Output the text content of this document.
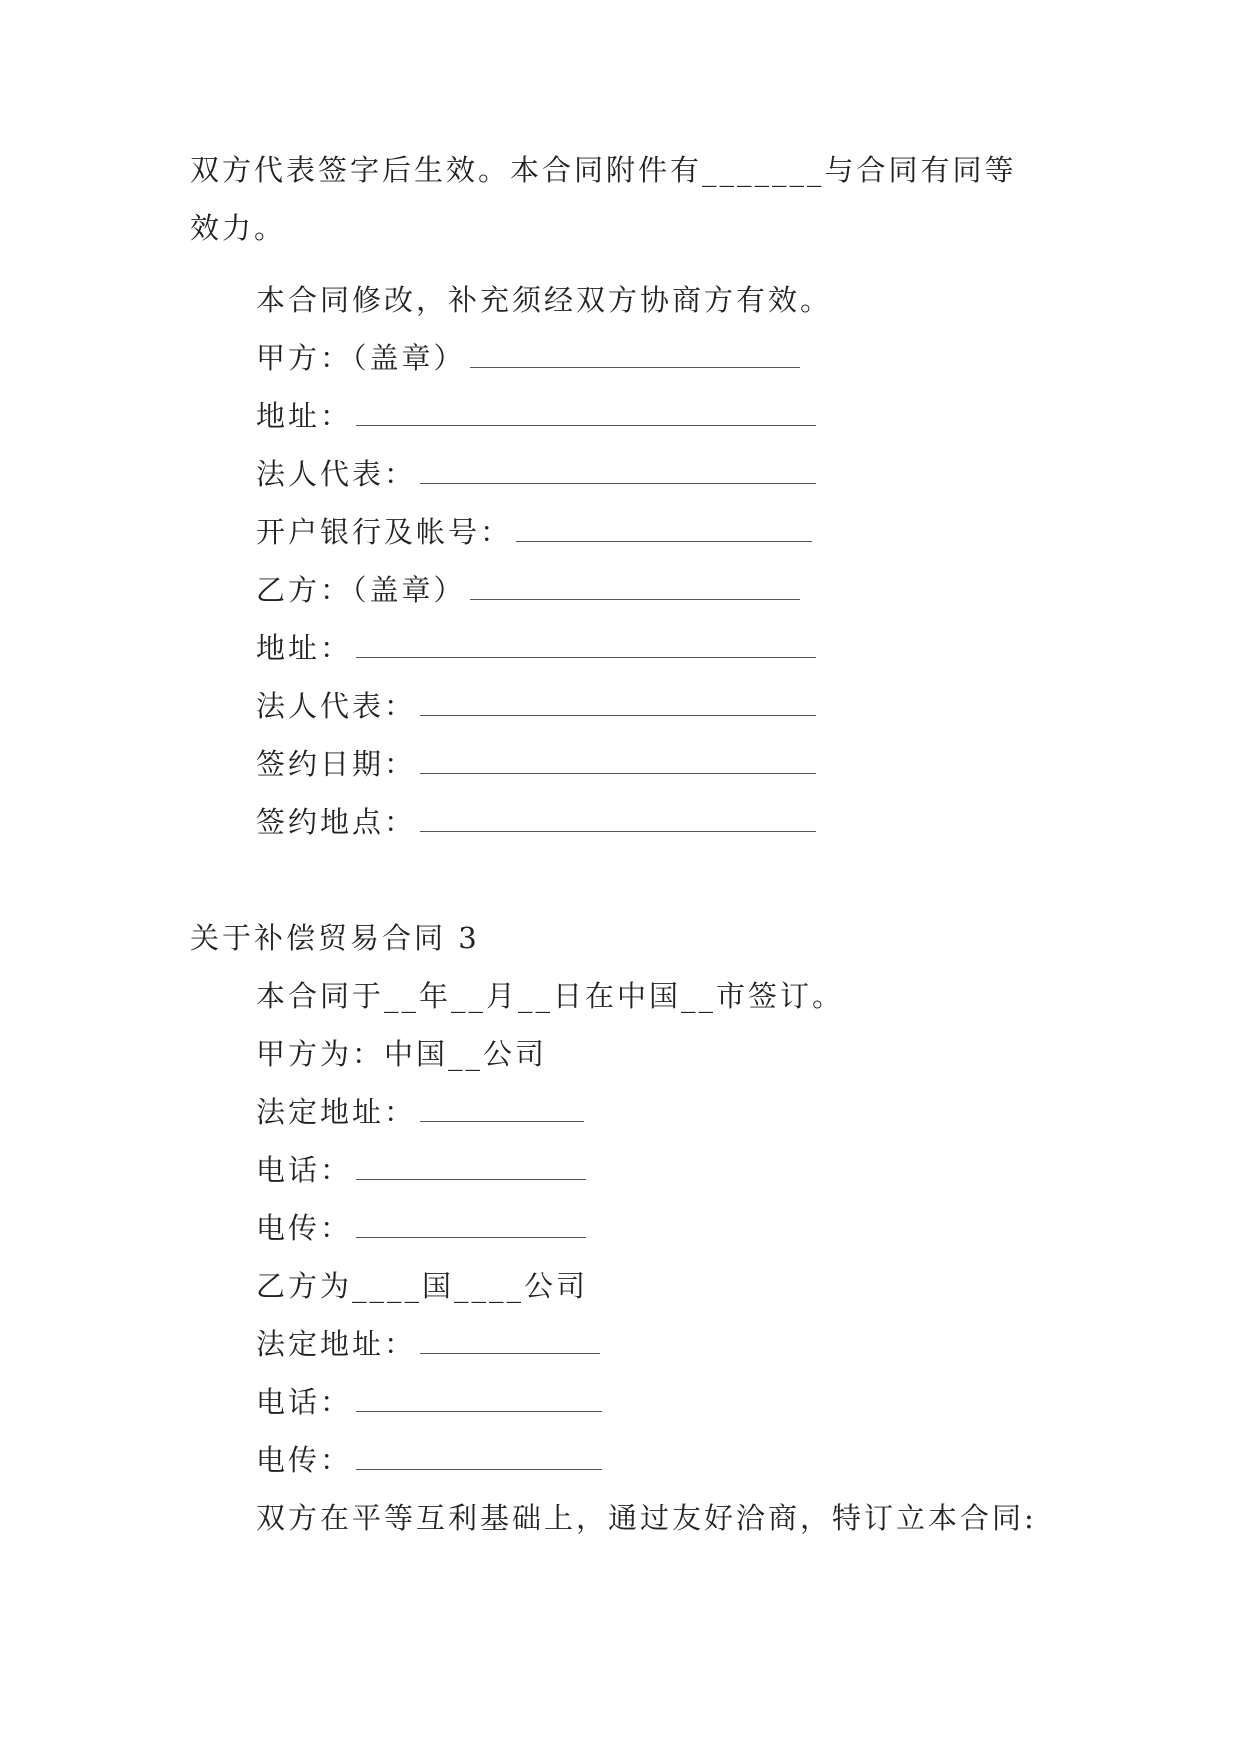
双方代表签字后生效。本合同附件有_______与合同有同等
效力。
本合同修改，补充须经双方协商方有效。
甲方：（盖章）
地址：
法人代表：
开户银行及帐号：
乙方：（盖章）
地址：
法人代表：
签约日期：
签约地点：
关于补偿贸易合同 3
本合同于__年__月__日在中国__市签订。
甲方为：中国__公司
法定地址：
电话：
电传：
乙方为____国____公司
法定地址：
电话：
电传：
双方在平等互利基础上，通过友好洽商，特订立本合同:
